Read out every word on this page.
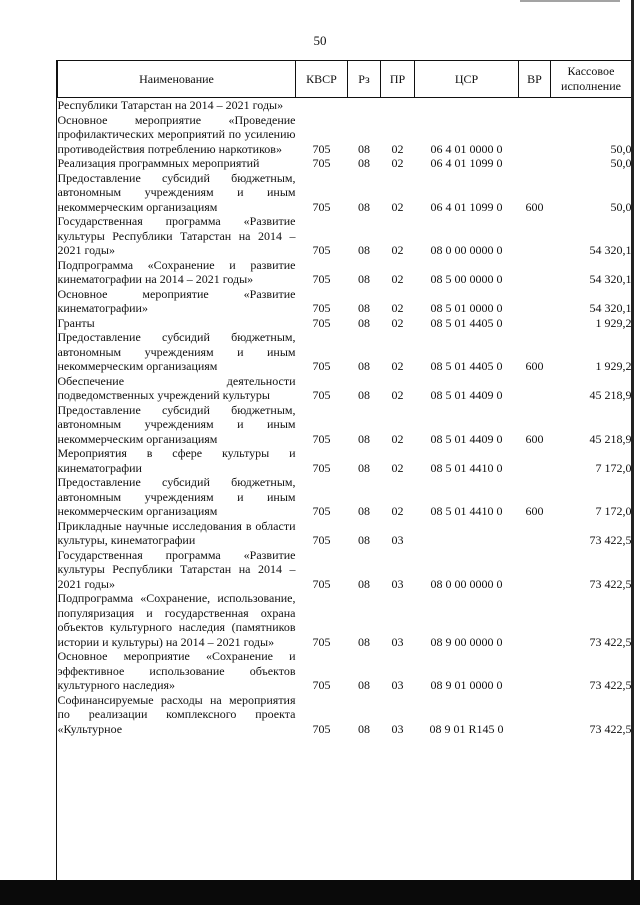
50
Наименование	КВСР	Рз	ПР	ЦСР	ВР	Кассовое исполнение
Республики Татарстан на 2014 – 2021 годы»						
Основное мероприятие «Проведение профилактических мероприятий по усилению противодействия потреблению наркотиков»	705	08	02	06 4 01 0000 0		50,0
Реализация программных мероприятий	705	08	02	06 4 01 1099 0		50,0
Предоставление субсидий бюджетным, автономным учреждениям и иным некоммерческим организациям	705	08	02	06 4 01 1099 0	600	50,0
Государственная программа «Развитие культуры Республики Татарстан на 2014 – 2021 годы»	705	08	02	08 0 00 0000 0		54 320,1
Подпрограмма «Сохранение и развитие кинематографии на 2014 – 2021 годы»	705	08	02	08 5 00 0000 0		54 320,1
Основное мероприятие «Развитие кинематографии»	705	08	02	08 5 01 0000 0		54 320,1
Гранты	705	08	02	08 5 01 4405 0		1 929,2
Предоставление субсидий бюджетным, автономным учреждениям и иным некоммерческим организациям	705	08	02	08 5 01 4405 0	600	1 929,2
Обеспечение деятельности подведомственных учреждений культуры	705	08	02	08 5 01 4409 0		45 218,9
Предоставление субсидий бюджетным, автономным учреждениям и иным некоммерческим организациям	705	08	02	08 5 01 4409 0	600	45 218,9
Мероприятия в сфере культуры и кинематографии	705	08	02	08 5 01 4410 0		7 172,0
Предоставление субсидий бюджетным, автономным учреждениям и иным некоммерческим организациям	705	08	02	08 5 01 4410 0	600	7 172,0
Прикладные научные исследования в области культуры, кинематографии	705	08	03			73 422,5
Государственная программа «Развитие культуры Республики Татарстан на 2014 – 2021 годы»	705	08	03	08 0 00 0000 0		73 422,5
Подпрограмма «Сохранение, использование, популяризация и государственная охрана объектов культурного наследия (памятников истории и культуры) на 2014 – 2021 годы»	705	08	03	08 9 00 0000 0		73 422,5
Основное мероприятие «Сохранение и эффективное использование объектов культурного наследия»	705	08	03	08 9 01 0000 0		73 422,5
Софинансируемые расходы на мероприятия по реализации комплексного проекта «Культурное	705	08	03	08 9 01 R145 0		73 422,5
